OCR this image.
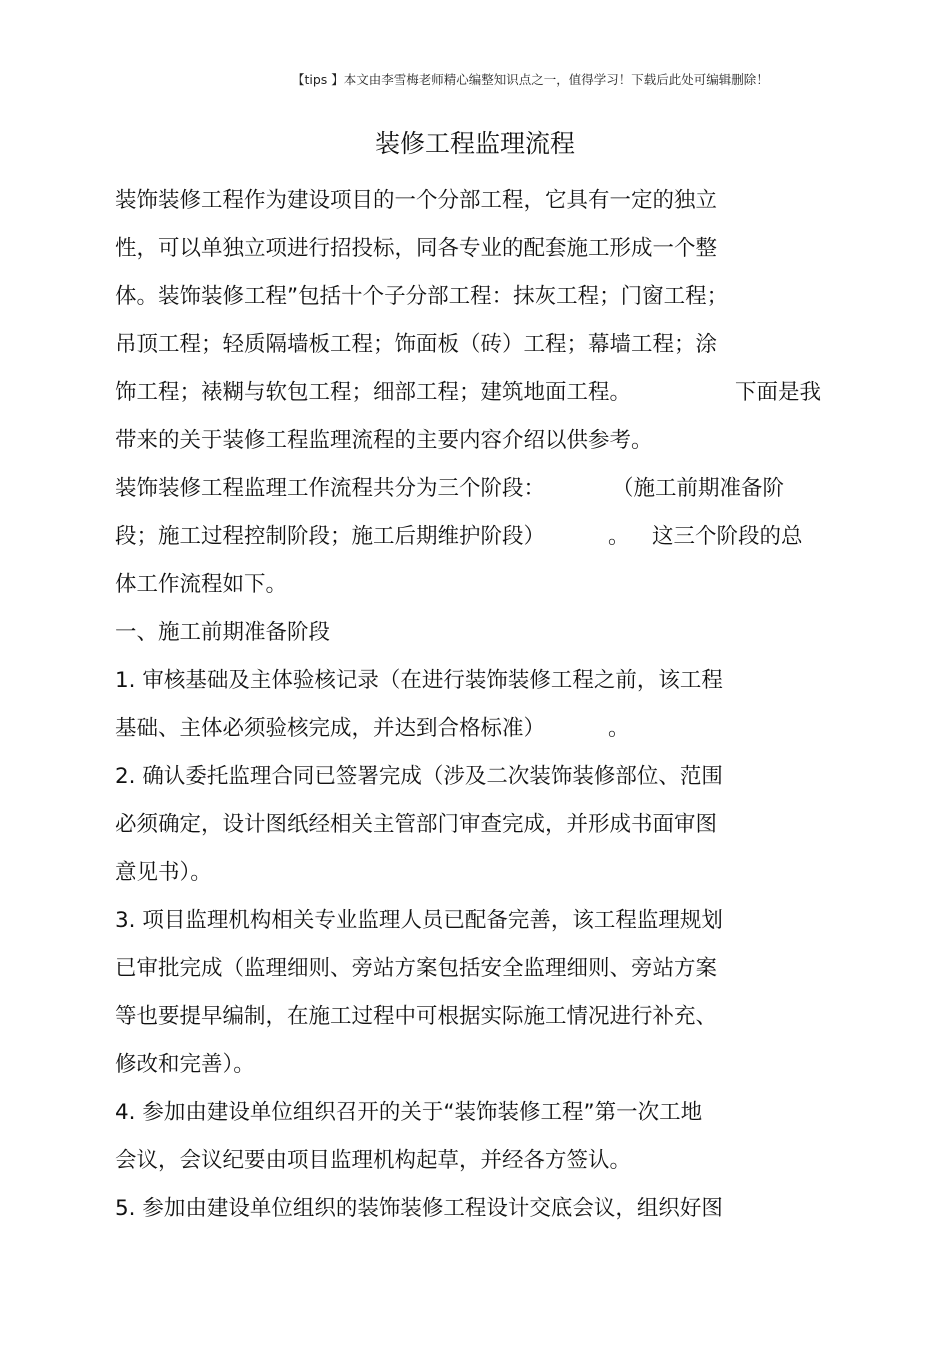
【tips 】本文由李雪梅老师精心编整知识点之一，值得学习！下载后此处可编辑删除！
装修工程监理流程
装饰装修工程作为建设项目的一个分部工程，它具有一定的独立
性，可以单独立项进行招投标，同各专业的配套施工形成一个整
体。装饰装修工程”包括十个子分部工程：抹灰工程；门窗工程；
吊顶工程；轻质隔墙板工程；饰面板（砖）工程；幕墙工程；涂
饰工程；裱糊与软包工程；细部工程；建筑地面工程。	下面是我
带来的关于装修工程监理流程的主要内容介绍以供参考。
装饰装修工程监理工作流程共分为三个阶段：	（施工前期准备阶
段；施工过程控制阶段；施工后期维护阶段）	。 这三个阶段的总
体工作流程如下。
一、施工前期准备阶段
1. 审核基础及主体验核记录（在进行装饰装修工程之前，该工程
基础、主体必须验核完成，并达到合格标准）	。
2. 确认委托监理合同已签署完成（涉及二次装饰装修部位、范围
必须确定，设计图纸经相关主管部门审查完成，并形成书面审图
意见书）。
3. 项目监理机构相关专业监理人员已配备完善，该工程监理规划
已审批完成（监理细则、旁站方案包括安全监理细则、旁站方案
等也要提早编制，在施工过程中可根据实际施工情况进行补充、
修改和完善）。
4. 参加由建设单位组织召开的关于“装饰装修工程”第一次工地
会议，会议纪要由项目监理机构起草，并经各方签认。
5. 参加由建设单位组织的装饰装修工程设计交底会议，组织好图
